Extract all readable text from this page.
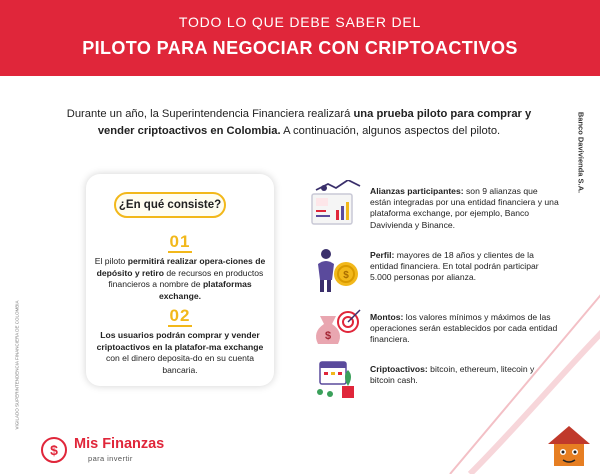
TODO LO QUE DEBE SABER DEL
PILOTO PARA NEGOCIAR CON CRIPTOACTIVOS
Durante un año, la Superintendencia Financiera realizará una prueba piloto para comprar y vender criptoactivos en Colombia. A continuación, algunos aspectos del piloto.	Banco Davivienda S.A.
¿En qué consiste?
01
El piloto permitirá realizar opera-ciones de depósito y retiro de recursos en productos financieros a nombre de plataformas exchange.
02
Los usuarios podrán comprar y vender criptoactivos en la platafor-ma exchange con el dinero deposita-do en su cuenta bancaria.
$
$
Alianzas participantes: son 9 alianzas que están integradas por una entidad financiera y una plataforma exchange, por ejemplo, Banco Davivienda y Binance.
Perfil: mayores de 18 años y clientes de la entidad financiera. En total podrán participar 5.000 personas por alianza.
Montos: los valores mínimos y máximos de las operaciones serán establecidos por cada entidad financiera.
Criptoactivos: bitcoin, ethereum, litecoin y bitcoin cash.
VIGILADO SUPERINTENDENCIA FINANCIERA DE COLOMBIA
$ Mis Finanzas
para invertir
